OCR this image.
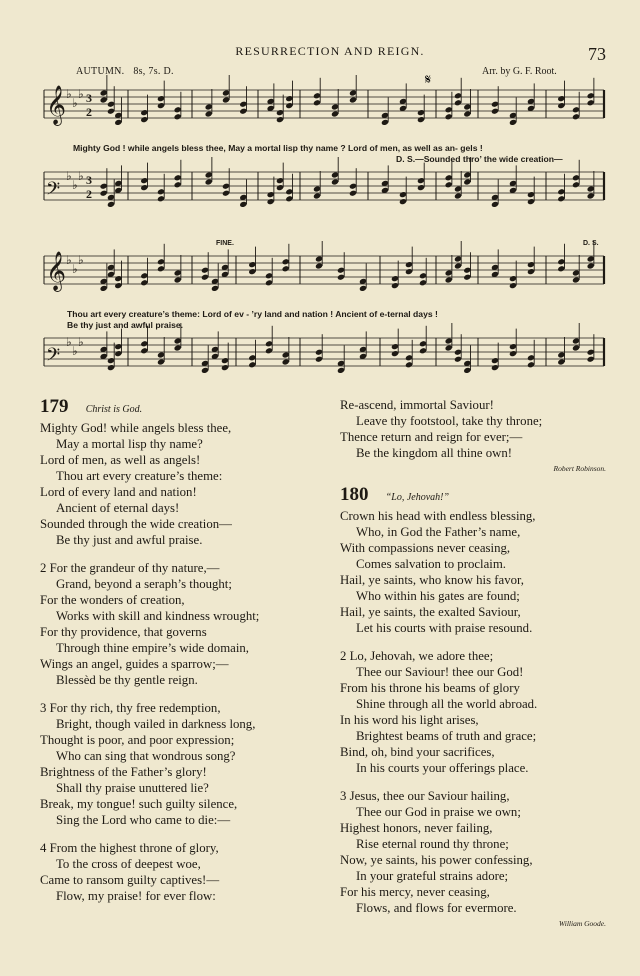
RESURRECTION AND REIGN.	73
AUTUMN. 8s, 7s. D.	Arr. by G. F. Root.
𝄞 ♭
♭
♭ 3
2
𝄢
♭
♭
♭ 3
2
𝄞 ♭
♭
♭
𝄢
♭
♭
♭
𝄋
Mighty God ! while angels bless thee, May a mortal lisp thy name ? Lord of men, as well as an- gels !
D. S.—Sounded thro’ the wide creation—
FINE.	D. S.
Thou art every creature’s theme: Lord of ev - ’ry land and nation ! Ancient of e-ternal days !
Be thy just and awful praise.
179 Christ is God.
Mighty God! while angels bless thee,
May a mortal lisp thy name?
Lord of men, as well as angels!
Thou art every creature’s theme:
Lord of every land and nation!
Ancient of eternal days!
Sounded through the wide creation—
Be thy just and awful praise.
2 For the grandeur of thy nature,—
Grand, beyond a seraph’s thought;
For the wonders of creation,
Works with skill and kindness wrought;
For thy providence, that governs
Through thine empire’s wide domain,
Wings an angel, guides a sparrow;—
Blessèd be thy gentle reign.
3 For thy rich, thy free redemption,
Bright, though vailed in darkness long,
Thought is poor, and poor expression;
Who can sing that wondrous song?
Brightness of the Father’s glory!
Shall thy praise unuttered lie?
Break, my tongue! such guilty silence,
Sing the Lord who came to die:—
4 From the highest throne of glory,
To the cross of deepest woe,
Came to ransom guilty captives!—
Flow, my praise! for ever flow:
Re-ascend, immortal Saviour!
Leave thy footstool, take thy throne;
Thence return and reign for ever;—
Be the kingdom all thine own!
Robert Robinson.
180 “Lo, Jehovah!”
Crown his head with endless blessing,
Who, in God the Father’s name,
With compassions never ceasing,
Comes salvation to proclaim.
Hail, ye saints, who know his favor,
Who within his gates are found;
Hail, ye saints, the exalted Saviour,
Let his courts with praise resound.
2 Lo, Jehovah, we adore thee;
Thee our Saviour! thee our God!
From his throne his beams of glory
Shine through all the world abroad.
In his word his light arises,
Brightest beams of truth and grace;
Bind, oh, bind your sacrifices,
In his courts your offerings place.
3 Jesus, thee our Saviour hailing,
Thee our God in praise we own;
Highest honors, never failing,
Rise eternal round thy throne;
Now, ye saints, his power confessing,
In your grateful strains adore;
For his mercy, never ceasing,
Flows, and flows for evermore.
William Goode.
